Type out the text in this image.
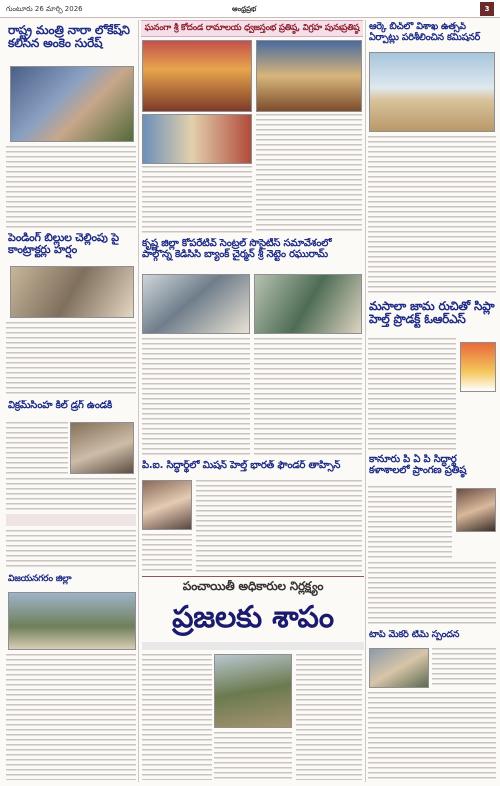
గుంటూరు 26 మార్చి 2026	ఆంధ్రప్రభ	3
రాష్ట్ర మంత్రి నారా లోకేష్‌ని కలిసిన అంకెం సురేష్
పెండింగ్ బిల్లుల చెల్లింపు పై కాంట్రాక్టర్లు హర్షం
విక్రమ్‌సింహ కిల్ డ్రగ్ ఉండకి
ఘనంగా శ్రీ కోదండ రామాలయ ధ్వజస్తంభ ప్రతిష్ఠ, విగ్రహ పునఃప్రతిష్ఠ
కృష్ణ జిల్లా కోపరేటివ్ సెంట్రల్ సొసైటీస్ సమావేశంలో పాల్గొన్న కెడిసిసి బ్యాంక్ చైర్మన్ శ్రీ నెట్టెం రఘురామ్
పి.ఐ. సిద్ధార్థ్‌లో మిషన్ హెల్త్ భారత్ ఫౌండర్ తాహ్సిన్
పంచాయితీ అధికారుల నిర్లక్ష్యం
ప్రజలకు శాపం
విజయనగరం జిల్లా
ఆర్కే బీచ్‌లో విశాఖ ఉత్సవ్ ఏర్పాట్లు పరిశీలించిన కమిషనర్
మసాలా జామ రుచితో సిప్లా హెల్త్ ప్రొడక్ట్ ఓఆర్ఎస్
కానూరు పి ఏ పి సిద్ధార్థ కళాశాలలో ప్రాంగణ ప్రతిష్ఠ
టాప్ మేకర్ టీమ్ స్పందన
